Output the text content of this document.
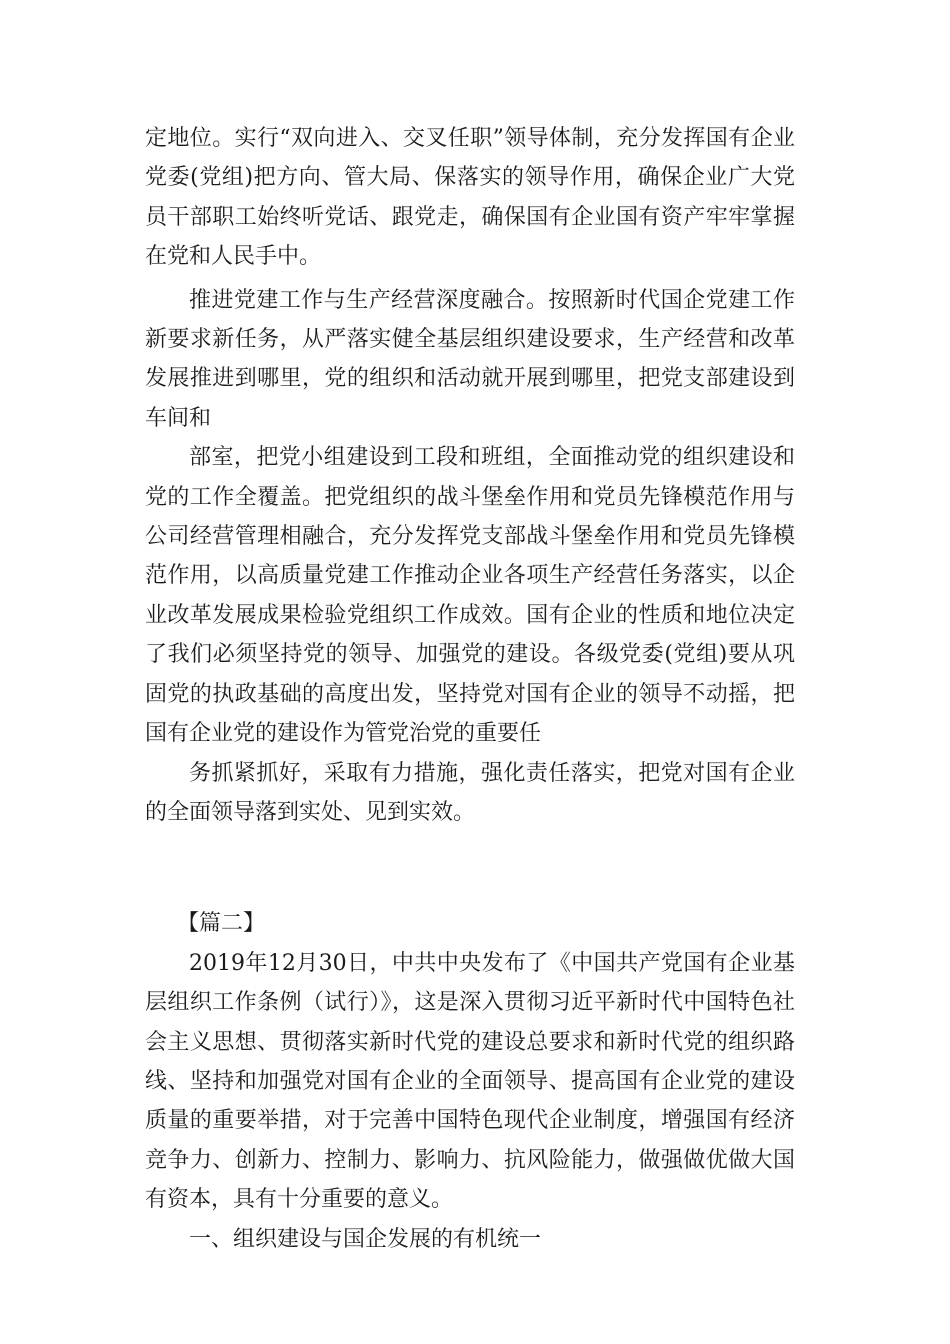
定地位。实行“双向进入、交叉任职”领导体制，充分发挥国有企业党委(党组)把方向、管大局、保落实的领导作用，确保企业广大党员干部职工始终听党话、跟党走，确保国有企业国有资产牢牢掌握在党和人民手中。

推进党建工作与生产经营深度融合。按照新时代国企党建工作新要求新任务，从严落实健全基层组织建设要求，生产经营和改革发展推进到哪里，党的组织和活动就开展到哪里，把党支部建设到车间和

部室，把党小组建设到工段和班组，全面推动党的组织建设和党的工作全覆盖。把党组织的战斗堡垒作用和党员先锋模范作用与公司经营管理相融合，充分发挥党支部战斗堡垒作用和党员先锋模范作用，以高质量党建工作推动企业各项生产经营任务落实，以企业改革发展成果检验党组织工作成效。国有企业的性质和地位决定了我们必须坚持党的领导、加强党的建设。各级党委(党组)要从巩固党的执政基础的高度出发，坚持党对国有企业的领导不动摇，把国有企业党的建设作为管党治党的重要任

务抓紧抓好，采取有力措施，强化责任落实，把党对国有企业的全面领导落到实处、见到实效。

【篇二】

2019年12月30日，中共中央发布了《中国共产党国有企业基层组织工作条例（试行）》，这是深入贯彻习近平新时代中国特色社会主义思想、贯彻落实新时代党的建设总要求和新时代党的组织路线、坚持和加强党对国有企业的全面领导、提高国有企业党的建设质量的重要举措，对于完善中国特色现代企业制度，增强国有经济竞争力、创新力、控制力、影响力、抗风险能力，做强做优做大国有资本，具有十分重要的意义。

一、组织建设与国企发展的有机统一
